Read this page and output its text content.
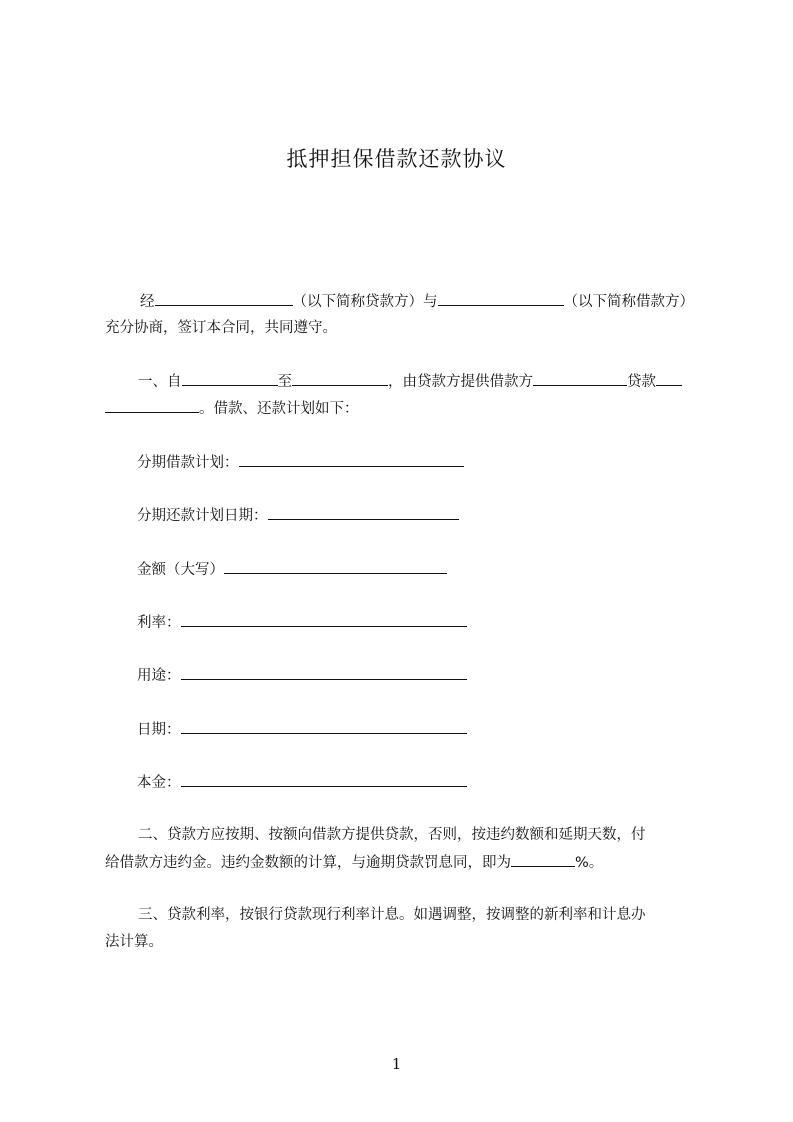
抵押担保借款还款协议
经	（以下简称贷款方）与	（以下简称借款方）
充分协商，签订本合同，共同遵守。
一、自	至	，由贷款方提供借款方	贷款
。借款、还款计划如下：
分期借款计划：
分期还款计划日期：
金额（大写）
利率：
用途：
日期：
本金：
二、贷款方应按期、按额向借款方提供贷款，否则，按违约数额和延期天数，付
给借款方违约金。违约金数额的计算，与逾期贷款罚息同，即为	%。
三、贷款利率，按银行贷款现行利率计息。如遇调整，按调整的新利率和计息办
法计算。
1
